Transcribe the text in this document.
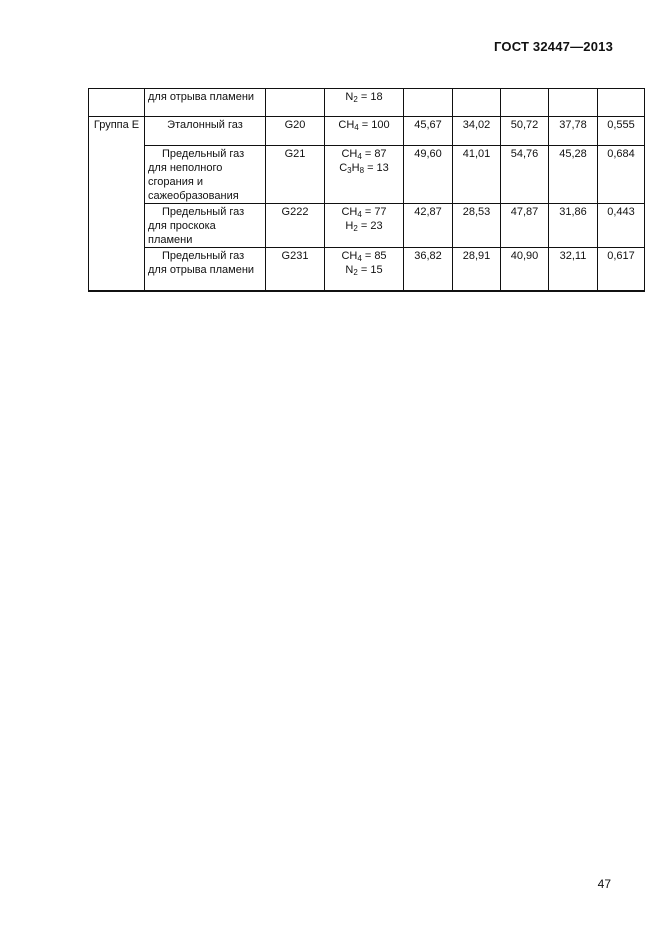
ГОСТ 32447—2013
	для отрыва пламени		$N_2 = 18$					
Группа E	Эталонный газ	G20	$CH_4 = 100$	45,67	34,02	50,72	37,78	0,555
	Предельный газ для неполного сгорания и сажеобразования	G21	$CH_4 = 87$
$C_3H_8 = 13$	49,60	41,01	54,76	45,28	0,684
	Предельный газ для проскока пламени	G222	$CH_4 = 77$
$H_2 = 23$	42,87	28,53	47,87	31,86	0,443
	Предельный газ для отрыва пламени	G231	$CH_4 = 85$
$N_2 = 15$	36,82	28,91	40,90	32,11	0,617
47
